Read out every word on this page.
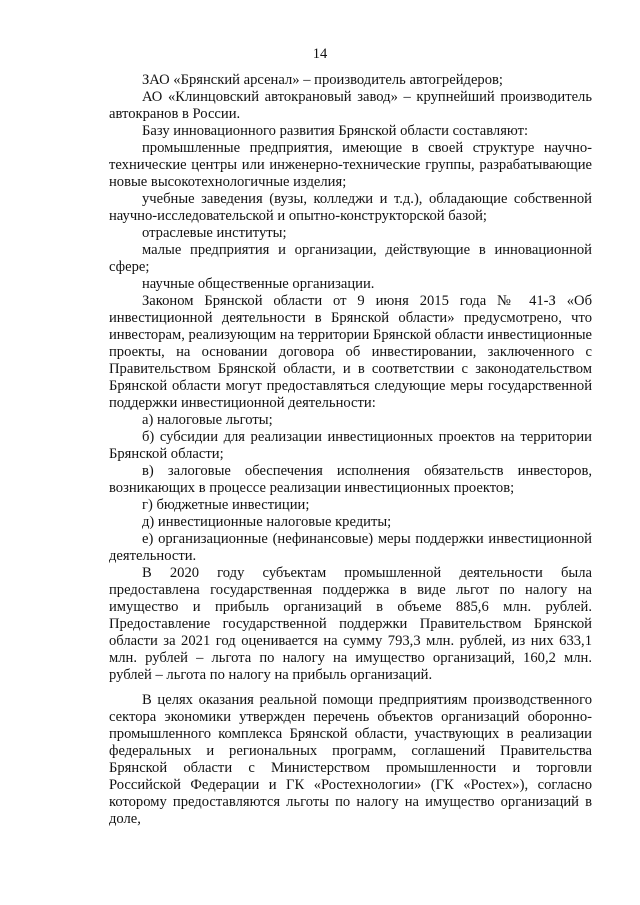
14

ЗАО «Брянский арсенал» – производитель автогрейдеров;

АО «Клинцовский автокрановый завод» – крупнейший производитель автокранов в России.

Базу инновационного развития Брянской области составляют:

промышленные предприятия, имеющие в своей структуре научно-технические центры или инженерно-технические группы, разрабатывающие новые высокотехнологичные изделия;

учебные заведения (вузы, колледжи и т.д.), обладающие собственной научно-исследовательской и опытно-конструкторской базой;

отраслевые институты;

малые предприятия и организации, действующие в инновационной сфере;

научные общественные организации.

Законом Брянской области от 9 июня 2015 года № 41-З «Об инвестиционной деятельности в Брянской области» предусмотрено, что инвесторам, реализующим на территории Брянской области инвестиционные проекты, на основании договора об инвестировании, заключенного с Правительством Брянской области, и в соответствии с законодательством Брянской области могут предоставляться следующие меры государственной поддержки инвестиционной деятельности:

а) налоговые льготы;

б) субсидии для реализации инвестиционных проектов на территории Брянской области;

в) залоговые обеспечения исполнения обязательств инвесторов, возникающих в процессе реализации инвестиционных проектов;

г) бюджетные инвестиции;

д) инвестиционные налоговые кредиты;

е) организационные (нефинансовые) меры поддержки инвестиционной деятельности.

В 2020 году субъектам промышленной деятельности была предоставлена государственная поддержка в виде льгот по налогу на имущество и прибыль организаций в объеме 885,6 млн. рублей. Предоставление государственной поддержки Правительством Брянской области за 2021 год оценивается на сумму 793,3 млн. рублей, из них 633,1 млн. рублей – льгота по налогу на имущество организаций, 160,2 млн. рублей – льгота по налогу на прибыль организаций.

В целях оказания реальной помощи предприятиям производственного сектора экономики утвержден перечень объектов организаций оборонно-промышленного комплекса Брянской области, участвующих в реализации федеральных и региональных программ, соглашений Правительства Брянской области с Министерством промышленности и торговли Российской Федерации и ГК «Ростехнологии» (ГК «Ростех»), согласно которому предоставляются льготы по налогу на имущество организаций в доле,
